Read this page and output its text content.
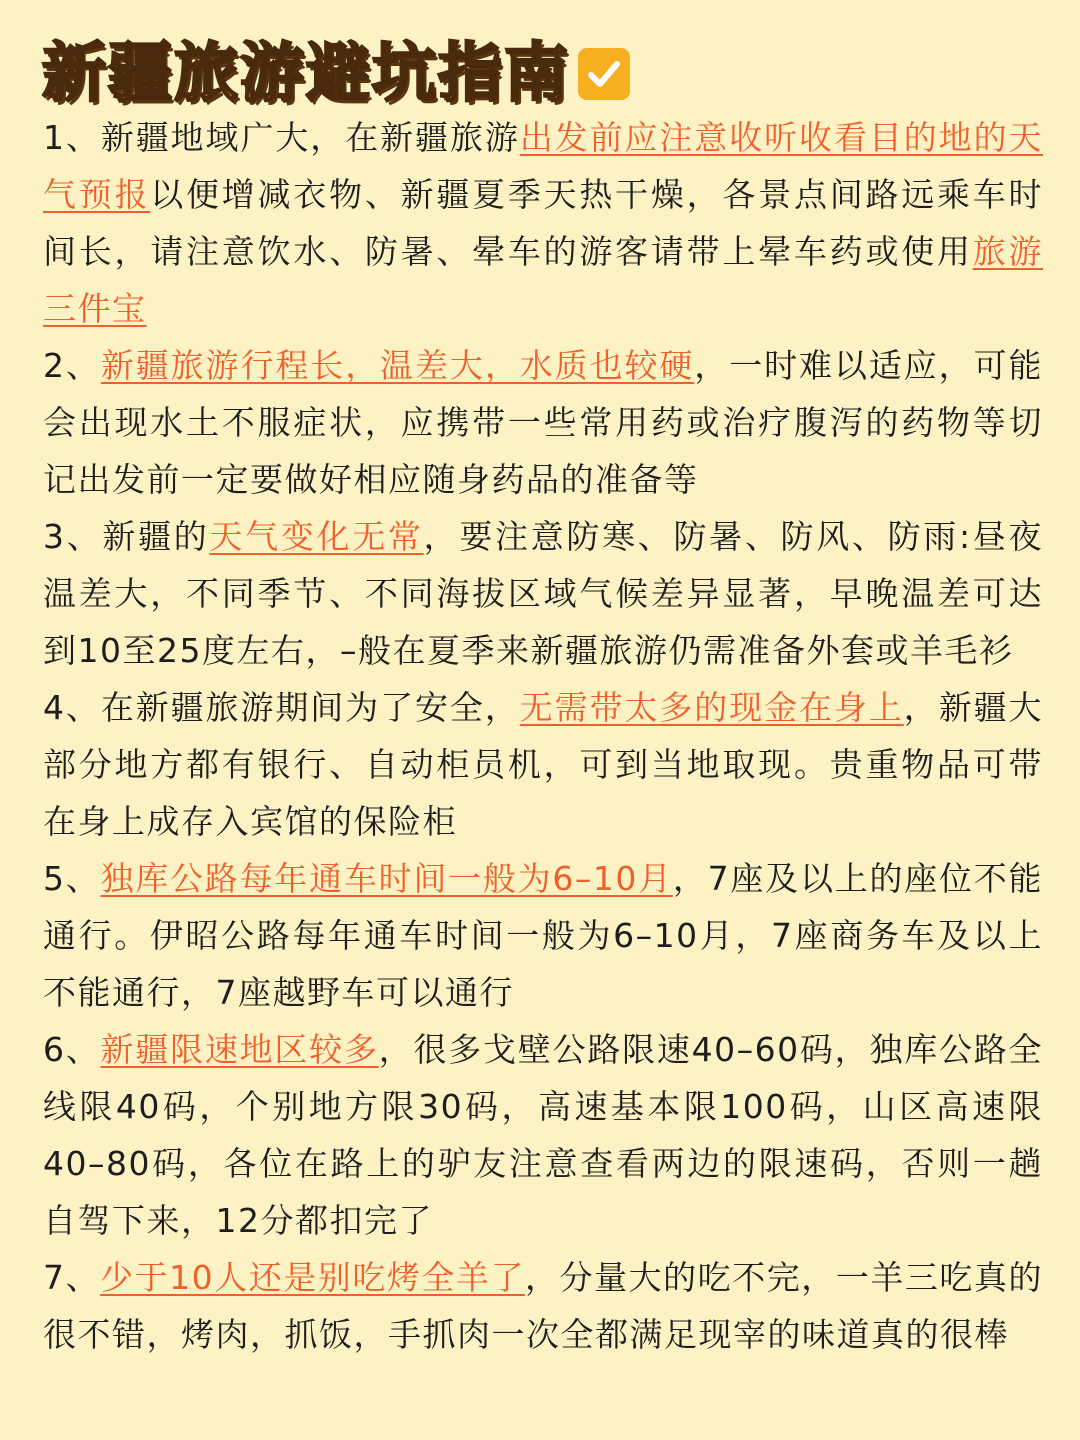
新疆旅游避坑指南

1、新疆地域广大，在新疆旅游出发前应注意收听收看目的地的天气预报以便增减衣物、新疆夏季天热干燥，各景点间路远乘车时间长，请注意饮水、防暑、晕车的游客请带上晕车药或使用旅游三件宝

2、新疆旅游行程长，温差大，水质也较硬，一时难以适应，可能会出现水土不服症状，应携带一些常用药或治疗腹泻的药物等切记出发前一定要做好相应随身药品的准备等

3、新疆的天气变化无常，要注意防寒、防暑、防风、防雨:昼夜温差大，不同季节、不同海拔区域气候差异显著，早晚温差可达到10至25度左右，–般在夏季来新疆旅游仍需准备外套或羊毛衫

4、在新疆旅游期间为了安全，无需带太多的现金在身上，新疆大部分地方都有银行、自动柜员机，可到当地取现。贵重物品可带在身上成存入宾馆的保险柜

5、独库公路每年通车时间一般为6–10月，7座及以上的座位不能通行。伊昭公路每年通车时间一般为6–10月，7座商务车及以上不能通行，7座越野车可以通行

6、新疆限速地区较多，很多戈壁公路限速40–60码，独库公路全线限40码，个别地方限30码，高速基本限100码，山区高速限40–80码，各位在路上的驴友注意查看两边的限速码，否则一趟自驾下来，12分都扣完了

7、少于10人还是别吃烤全羊了，分量大的吃不完，一羊三吃真的很不错，烤肉，抓饭，手抓肉一次全都满足现宰的味道真的很棒
